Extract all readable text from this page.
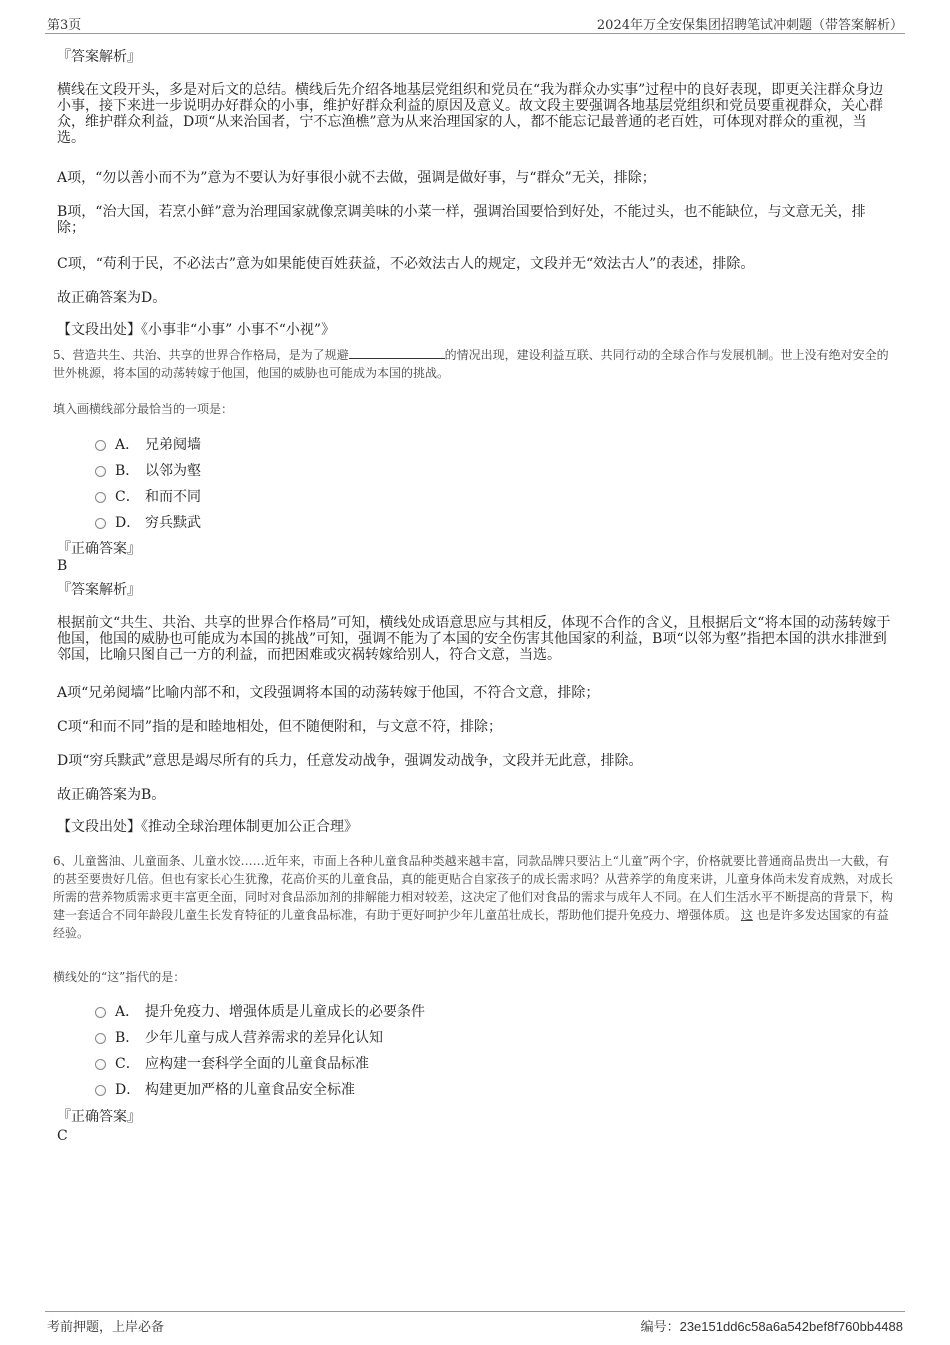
第3页	2024年万全安保集团招聘笔试冲刺题（带答案解析）
『答案解析』
横线在文段开头，多是对后文的总结。横线后先介绍各地基层党组织和党员在“我为群众办实事”过程中的良好表现，即更关注群众身边小事，接下来进一步说明办好群众的小事，维护好群众利益的原因及意义。故文段主要强调各地基层党组织和党员要重视群众，关心群众，维护群众利益，D项“从来治国者，宁不忘渔樵”意为从来治理国家的人，都不能忘记最普通的老百姓，可体现对群众的重视，当选。
A项，“勿以善小而不为”意为不要认为好事很小就不去做，强调是做好事，与“群众”无关，排除；
B项，“治大国，若烹小鲜”意为治理国家就像烹调美味的小菜一样，强调治国要恰到好处，不能过头，也不能缺位，与文意无关，排除；
C项，“苟利于民，不必法古”意为如果能使百姓获益，不必效法古人的规定，文段并无“效法古人”的表述，排除。
故正确答案为D。
【文段出处】《小事非“小事” 小事不“小视”》
5、营造共生、共治、共享的世界合作格局，是为了规避	的情况出现，建设利益互联、共同行动的全球合作与发展机制。世上没有绝对安全的世外桃源，将本国的动荡转嫁于他国，他国的威胁也可能成为本国的挑战。
填入画横线部分最恰当的一项是：
A． 兄弟阋墙
B． 以邻为壑
C． 和而不同
D． 穷兵黩武
『正确答案』
B
『答案解析』
根据前文“共生、共治、共享的世界合作格局”可知，横线处成语意思应与其相反，体现不合作的含义，且根据后文“将本国的动荡转嫁于他国，他国的威胁也可能成为本国的挑战”可知，强调不能为了本国的安全伤害其他国家的利益，B项“以邻为壑”指把本国的洪水排泄到邻国，比喻只图自己一方的利益，而把困难或灾祸转嫁给别人，符合文意，当选。
A项“兄弟阋墙”比喻内部不和，文段强调将本国的动荡转嫁于他国，不符合文意，排除；
C项“和而不同”指的是和睦地相处，但不随便附和，与文意不符，排除；
D项“穷兵黩武”意思是竭尽所有的兵力，任意发动战争，强调发动战争，文段并无此意，排除。
故正确答案为B。
【文段出处】《推动全球治理体制更加公正合理》
6、儿童酱油、儿童面条、儿童水饺……近年来，市面上各种儿童食品种类越来越丰富，同款品牌只要沾上“儿童”两个字，价格就要比普通商品贵出一大截，有的甚至要贵好几倍。但也有家长心生犹豫，花高价买的儿童食品，真的能更贴合自家孩子的成长需求吗？从营养学的角度来讲，儿童身体尚未发育成熟，对成长所需的营养物质需求更丰富更全面，同时对食品添加剂的排解能力相对较差，这决定了他们对食品的需求与成年人不同。在人们生活水平不断提高的背景下，构建一套适合不同年龄段儿童生长发育特征的儿童食品标准，有助于更好呵护少年儿童茁壮成长，帮助他们提升免疫力、增强体质。 这 也是许多发达国家的有益经验。
横线处的“这”指代的是：
A． 提升免疫力、增强体质是儿童成长的必要条件
B． 少年儿童与成人营养需求的差异化认知
C． 应构建一套科学全面的儿童食品标准
D． 构建更加严格的儿童食品安全标准
『正确答案』
C
考前押题，上岸必备	编号：23e151dd6c58a6a542bef8f760bb4488
